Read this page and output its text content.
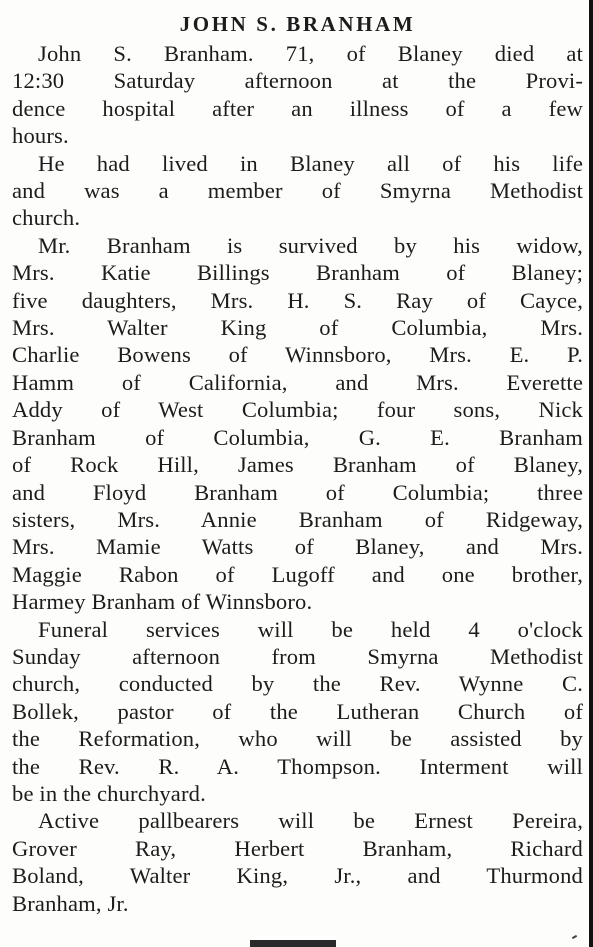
JOHN S. BRANHAM

John S. Branham. 71, of Blaney died at
12:30 Saturday afternoon at the Provi-
dence hospital after an illness of a few
hours.

He had lived in Blaney all of his life
and was a member of Smyrna Methodist
church.

Mr. Branham is survived by his widow,
Mrs. Katie Billings Branham of Blaney;
five daughters, Mrs. H. S. Ray of Cayce,
Mrs. Walter King of Columbia, Mrs.
Charlie Bowens of Winnsboro, Mrs. E. P.
Hamm of California, and Mrs. Everette
Addy of West Columbia; four sons, Nick
Branham of Columbia, G. E. Branham
of Rock Hill, James Branham of Blaney,
and Floyd Branham of Columbia; three
sisters, Mrs. Annie Branham of Ridgeway,
Mrs. Mamie Watts of Blaney, and Mrs.
Maggie Rabon of Lugoff and one brother,
Harmey Branham of Winnsboro.

Funeral services will be held 4 o'clock
Sunday afternoon from Smyrna Methodist
church, conducted by the Rev. Wynne C.
Bollek, pastor of the Lutheran Church of
the Reformation, who will be assisted by
the Rev. R. A. Thompson. Interment will
be in the churchyard.

Active pallbearers will be Ernest Pereira,
Grover Ray, Herbert Branham, Richard
Boland, Walter King, Jr., and Thurmond
Branham, Jr.
